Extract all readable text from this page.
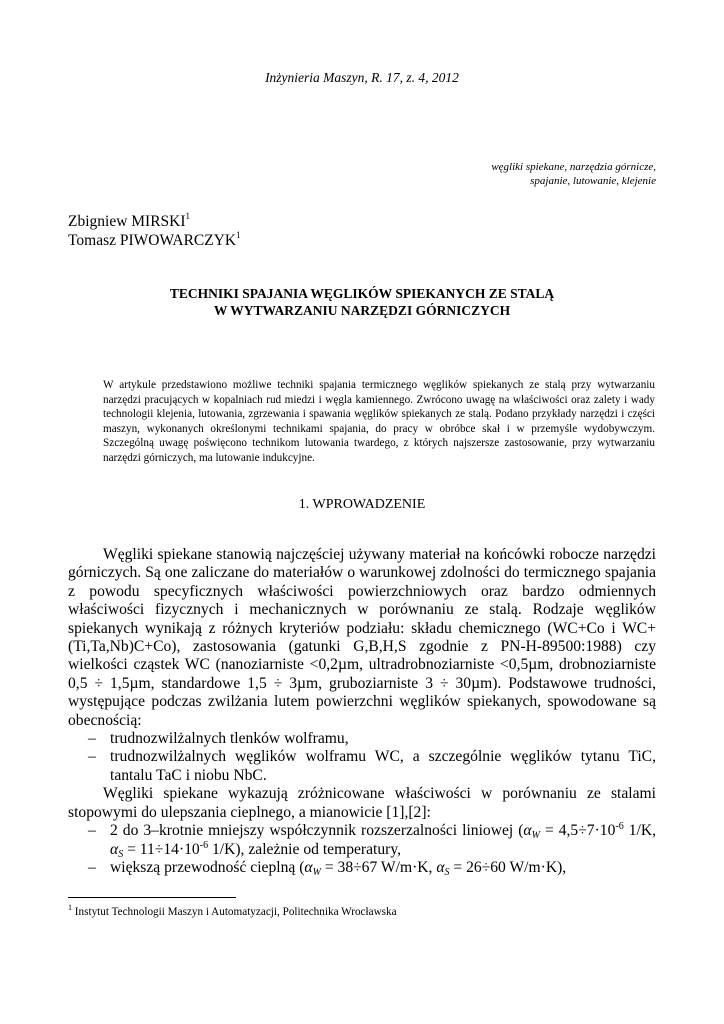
Inżynieria Maszyn, R. 17, z. 4, 2012
węgliki spiekane, narzędzia górnicze,
spajanie, lutowanie, klejenie
Zbigniew MIRSKI$^1$
Tomasz PIWOWARCZYK$^1$
TECHNIKI SPAJANIA WĘGLIKÓW SPIEKANYCH ZE STALĄ
W WYTWARZANIU NARZĘDZI GÓRNICZYCH
W artykule przedstawiono możliwe techniki spajania termicznego węglików spiekanych ze stalą przy wytwarzaniu narzędzi pracujących w kopalniach rud miedzi i węgla kamiennego. Zwrócono uwagę na właściwości oraz zalety i wady technologii klejenia, lutowania, zgrzewania i spawania węglików spiekanych ze stalą. Podano przykłady narzędzi i części maszyn, wykonanych określonymi technikami spajania, do pracy w obróbce skał i w przemyśle wydobywczym. Szczególną uwagę poświęcono technikom lutowania twardego, z których najszersze zastosowanie, przy wytwarzaniu narzędzi górniczych, ma lutowanie indukcyjne.
1. WPROWADZENIE

Węgliki spiekane stanowią najczęściej używany materiał na końcówki robocze narzędzi górniczych. Są one zaliczane do materiałów o warunkowej zdolności do termicznego spajania z powodu specyficznych właściwości powierzchniowych oraz bardzo odmiennych właściwości fizycznych i mechanicznych w porównaniu ze stalą. Rodzaje węglików spiekanych wynikają z różnych kryteriów podziału: składu chemicznego (WC+Co i WC+(Ti,Ta,Nb)C+Co), zastosowania (gatunki G,B,H,S zgodnie z PN-H-89500:1988) czy wielkości cząstek WC (nanoziarniste <0,2µm, ultradrobnoziarniste <0,5µm, drobnoziarniste 0,5 ÷ 1,5µm, standardowe 1,5 ÷ 3µm, gruboziarniste 3 ÷ 30µm). Podstawowe trudności, występujące podczas zwilżania lutem powierzchni węglików spiekanych, spowodowane są obecnością:

– trudnozwilżalnych tlenków wolframu,
– trudnozwilżalnych węglików wolframu WC, a szczególnie węglików tytanu TiC, tantalu TaC i niobu NbC.

Węgliki spiekane wykazują zróżnicowane właściwości w porównaniu ze stalami stopowymi do ulepszania cieplnego, a mianowicie [1],[2]:

– 2 do 3–krotnie mniejszy współczynnik rozszerzalności liniowej ($\alpha_W = 4,5\div 7\cdot 10^{-6}$ 1/K, $\alpha_S = 11\div 14\cdot 10^{-6}$ 1/K), zależnie od temperatury,
– większą przewodność cieplną ($\alpha_W = 38\div 67$ W/m·K, $\alpha_S = 26\div 60$ W/m·K),
$^1$ Instytut Technologii Maszyn i Automatyzacji, Politechnika Wrocławska
